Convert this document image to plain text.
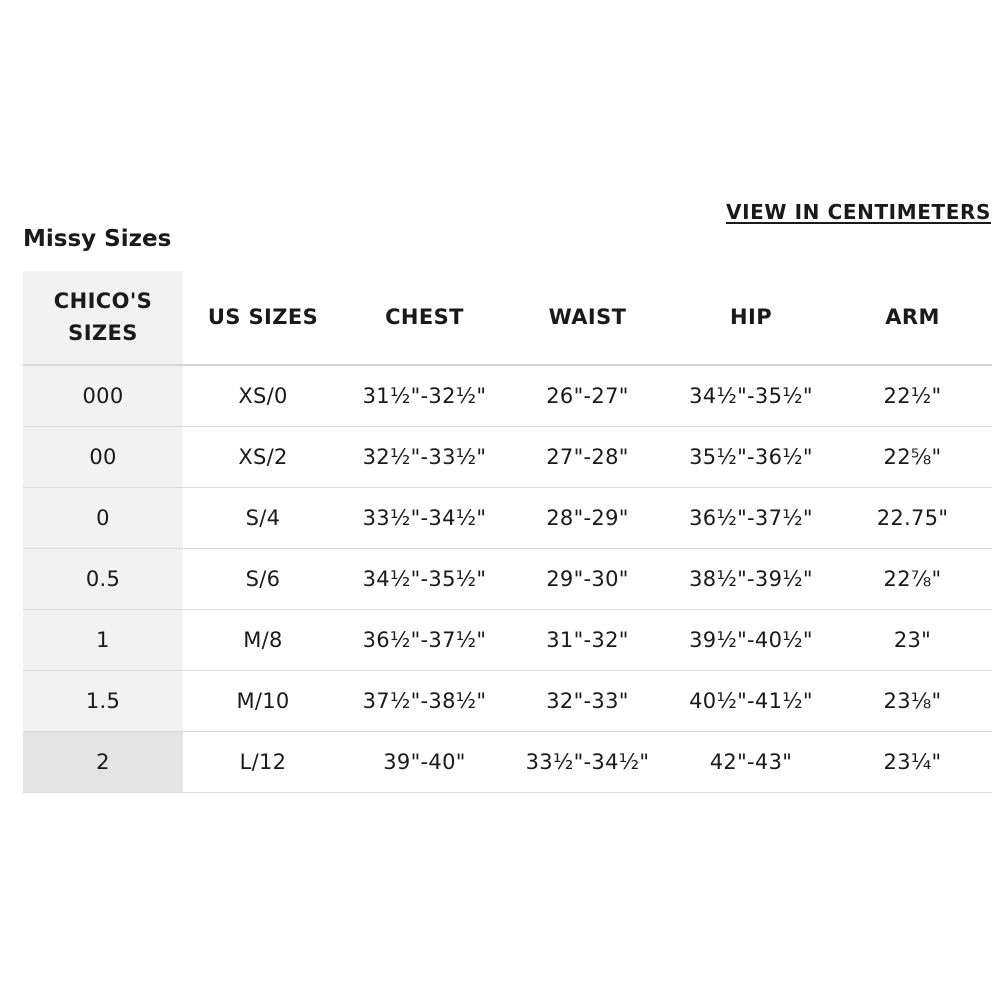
VIEW IN CENTIMETERS
Missy Sizes
CHICO'S
SIZES	US SIZES	CHEST	WAIST	HIP	ARM
000	XS/0	31½"-32½"	26"-27"	34½"-35½"	22½"
00	XS/2	32½"-33½"	27"-28"	35½"-36½"	22⅝"
0	S/4	33½"-34½"	28"-29"	36½"-37½"	22.75"
0.5	S/6	34½"-35½"	29"-30"	38½"-39½"	22⅞"
1	M/8	36½"-37½"	31"-32"	39½"-40½"	23"
1.5	M/10	37½"-38½"	32"-33"	40½"-41½"	23⅛"
2	L/12	39"-40"	33½"-34½"	42"-43"	23¼"
